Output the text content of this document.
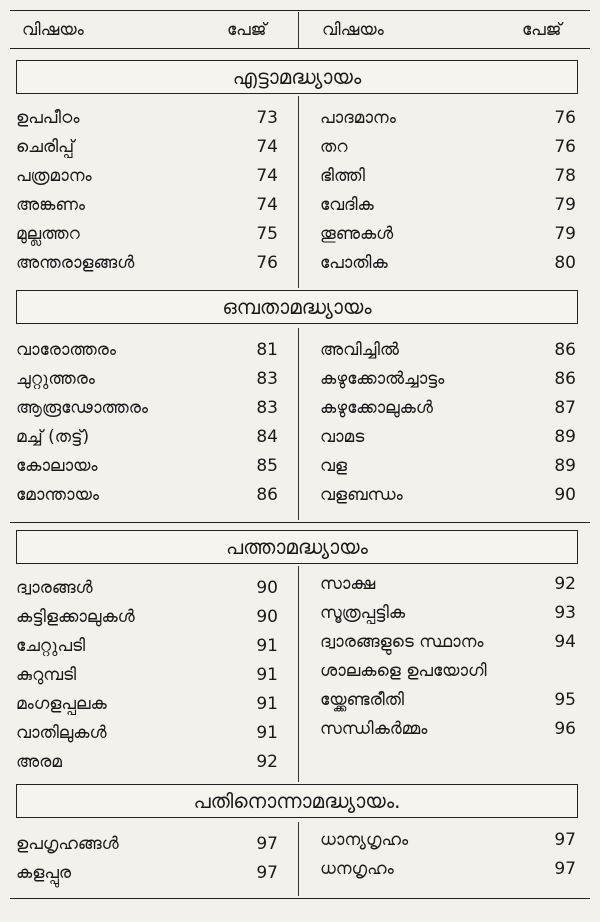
വിഷയം	പേജ്	വിഷയം	പേജ്
എട്ടാമദ്ധ്യായം
ഉപപീഠം	73
ചെരിപ്പ്	74
പത്രമാനം	74
അങ്കണം	74
മുല്ലത്തറ	75
അന്തരാളങ്ങൾ	76
പാദമാനം	76
തറ	76
ഭിത്തി	78
വേദിക	79
തൂണുകൾ	79
പോതിക	80
ഒമ്പതാമദ്ധ്യായം
വാരോത്തരം	81
ചുറ്റുത്തരം	83
ആരൂഢോത്തരം	83
മച്ച് (തട്ട്)	84
കോലായം	85
മോന്തായം	86
അവിച്ചിൽ	86
കഴുക്കോൽച്ചാട്ടം	86
കഴുക്കോലുകൾ	87
വാമട	89
വള	89
വളബന്ധം	90
പത്താമദ്ധ്യായം
ദ്വാരങ്ങൾ	90
കട്ടിളക്കാലുകൾ	90
ചേറ്റുപടി	91
കുറുമ്പടി	91
മംഗളപ്പലക	91
വാതിലുകൾ	91
അരമ	92
സാക്ഷ	92
സൂത്രപ്പട്ടിക	93
ദ്വാരങ്ങളുടെ സ്ഥാനം	94
ശാലകളെ ഉപയോഗി
യ്ക്കേണ്ടരീതി	95
സന്ധികർമ്മം	96
പതിനൊന്നാമദ്ധ്യായം.
ഉപഗൃഹങ്ങൾ	97
കളപ്പുര	97
ധാന്യഗൃഹം	97
ധനഗൃഹം	97
